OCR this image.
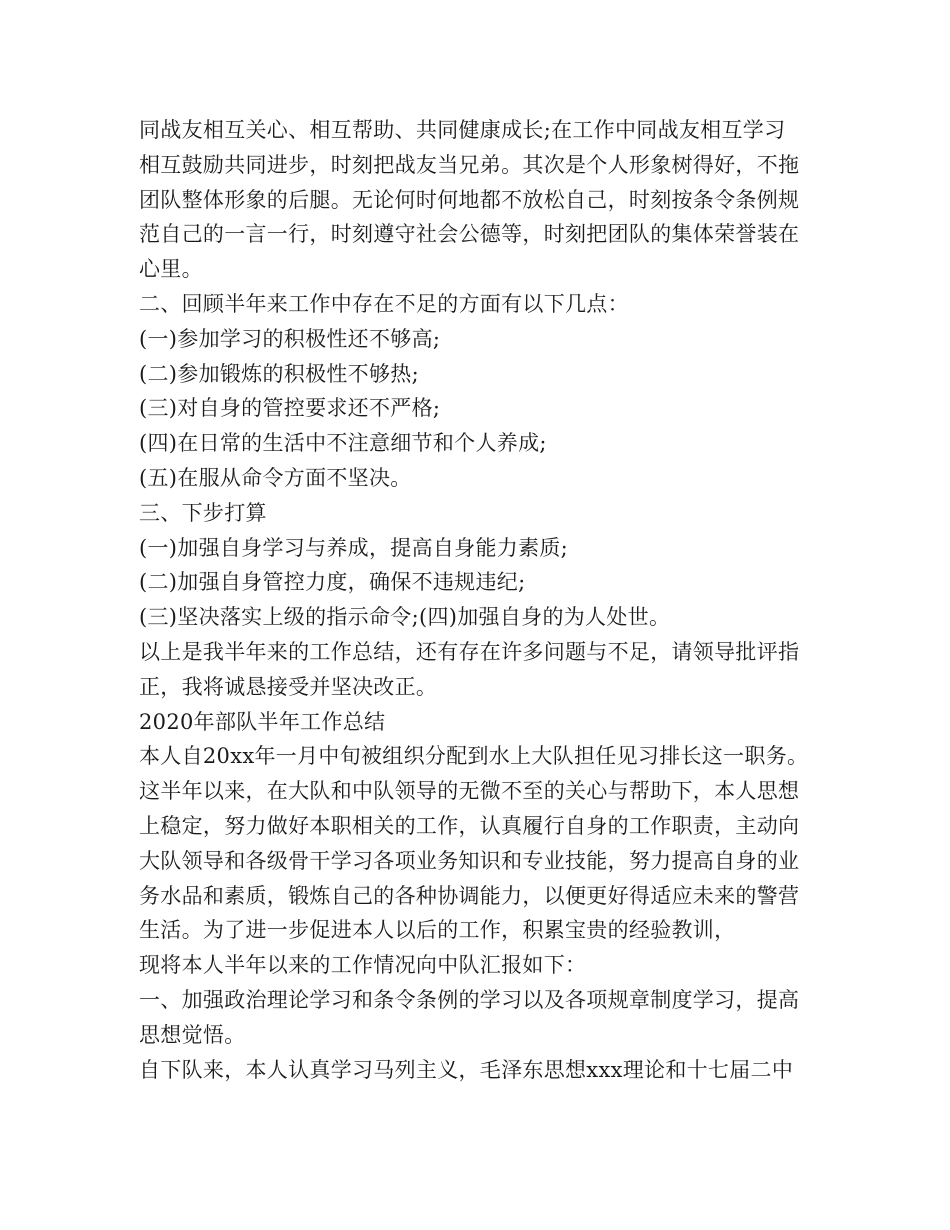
同战友相互关心、相互帮助、共同健康成长;在工作中同战友相互学习
相互鼓励共同进步，时刻把战友当兄弟。其次是个人形象树得好，不拖
团队整体形象的后腿。无论何时何地都不放松自己，时刻按条令条例规
范自己的一言一行，时刻遵守社会公德等，时刻把团队的集体荣誉装在
心里。
二、回顾半年来工作中存在不足的方面有以下几点：
(一)参加学习的积极性还不够高;
(二)参加锻炼的积极性不够热;
(三)对自身的管控要求还不严格;
(四)在日常的生活中不注意细节和个人养成;
(五)在服从命令方面不坚决。
三、下步打算
(一)加强自身学习与养成，提高自身能力素质;
(二)加强自身管控力度，确保不违规违纪;
(三)坚决落实上级的指示命令;(四)加强自身的为人处世。
以上是我半年来的工作总结，还有存在许多问题与不足，请领导批评指
正，我将诚恳接受并坚决改正。
2020年部队半年工作总结
本人自20xx年一月中旬被组织分配到水上大队担任见习排长这一职务。
这半年以来，在大队和中队领导的无微不至的关心与帮助下，本人思想
上稳定，努力做好本职相关的工作，认真履行自身的工作职责，主动向
大队领导和各级骨干学习各项业务知识和专业技能，努力提高自身的业
务水品和素质，锻炼自己的各种协调能力，以便更好得适应未来的警营
生活。为了进一步促进本人以后的工作，积累宝贵的经验教训，
现将本人半年以来的工作情况向中队汇报如下：
一、加强政治理论学习和条令条例的学习以及各项规章制度学习，提高
思想觉悟。
自下队来，本人认真学习马列主义，毛泽东思想xxx理论和十七届二中
